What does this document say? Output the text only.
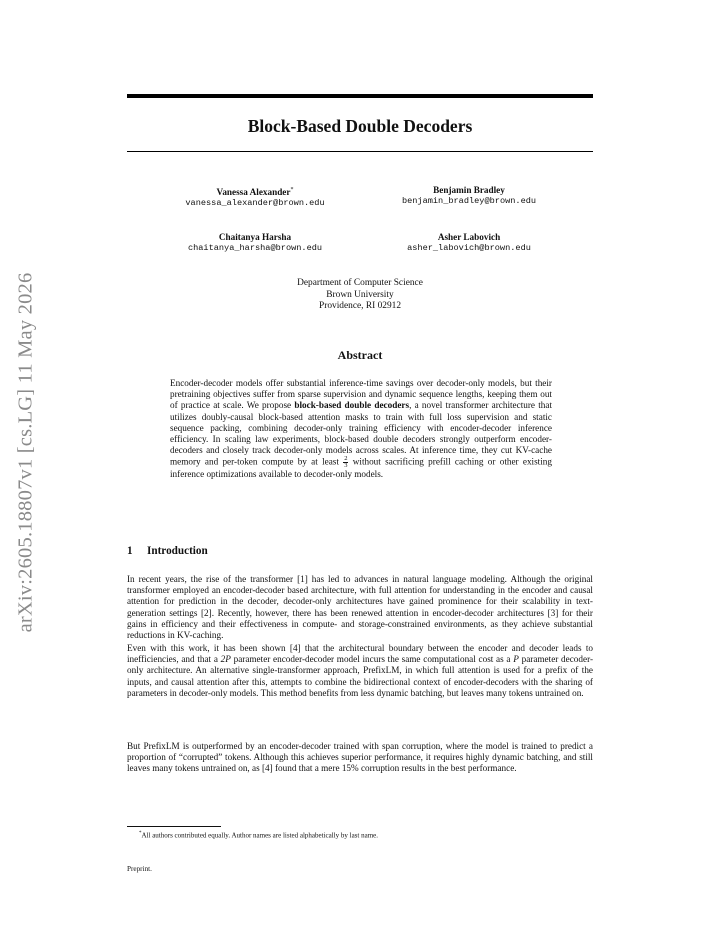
arXiv:2605.18807v1 [cs.LG] 11 May 2026
Block-Based Double Decoders
Vanessa Alexander*
vanessa_alexander@brown.edu
Benjamin Bradley
benjamin_bradley@brown.edu
Chaitanya Harsha
chaitanya_harsha@brown.edu
Asher Labovich
asher_labovich@brown.edu
Department of Computer Science
Brown University
Providence, RI 02912
Abstract
Encoder-decoder models offer substantial inference-time savings over decoder-only models, but their pretraining objectives suffer from sparse supervision and dynamic sequence lengths, keeping them out of practice at scale. We propose block-based double decoders, a novel transformer architecture that utilizes doubly-causal block-based attention masks to train with full loss supervision and static sequence packing, combining decoder-only training efficiency with encoder-decoder inference efficiency. In scaling law experiments, block-based double decoders strongly outperform encoder-decoders and closely track decoder-only models across scales. At inference time, they cut KV-cache memory and per-token compute by at least $\frac{2}{3}$ without sacrificing prefill caching or other existing inference optimizations available to decoder-only models.
1 Introduction
In recent years, the rise of the transformer [1] has led to advances in natural language modeling. Although the original transformer employed an encoder-decoder based architecture, with full attention for understanding in the encoder and causal attention for prediction in the decoder, decoder-only architectures have gained prominence for their scalability in text-generation settings [2]. Recently, however, there has been renewed attention in encoder-decoder architectures [3] for their gains in efficiency and their effectiveness in compute- and storage-constrained environments, as they achieve substantial reductions in KV-caching.
Even with this work, it has been shown [4] that the architectural boundary between the encoder and decoder leads to inefficiencies, and that a 2P parameter encoder-decoder model incurs the same computational cost as a P parameter decoder-only architecture. An alternative single-transformer approach, PrefixLM, in which full attention is used for a prefix of the inputs, and causal attention after this, attempts to combine the bidirectional context of encoder-decoders with the sharing of parameters in decoder-only models. This method benefits from less dynamic batching, but leaves many tokens untrained on.
But PrefixLM is outperformed by an encoder-decoder trained with span corruption, where the model is trained to predict a proportion of “corrupted” tokens. Although this achieves superior performance, it requires highly dynamic batching, and still leaves many tokens untrained on, as [4] found that a mere 15% corruption results in the best performance.
*All authors contributed equally. Author names are listed alphabetically by last name.
Preprint.
